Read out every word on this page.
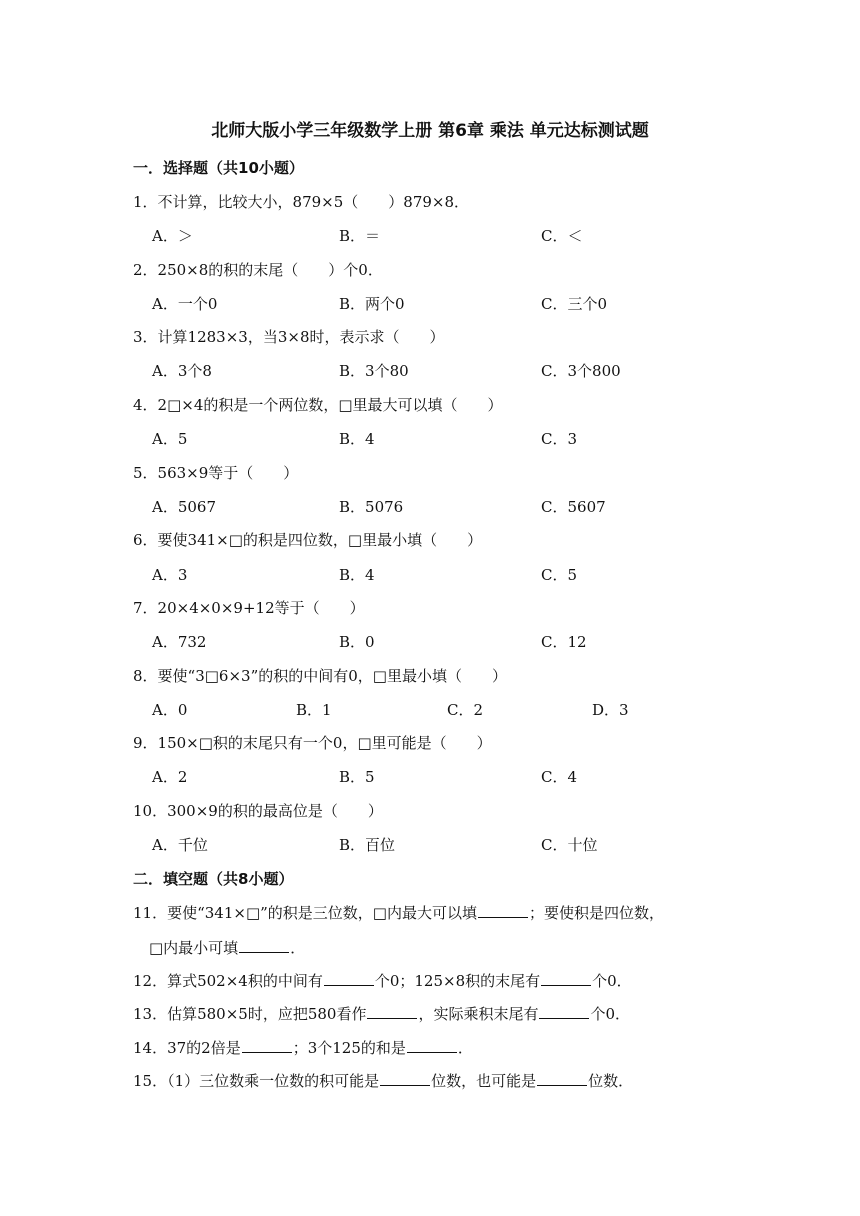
北师大版小学三年级数学上册 第6章 乘法 单元达标测试题
一．选择题（共10小题）
1．不计算，比较大小，879×5（　　）879×8．
A．＞	B．＝	C．＜
2．250×8的积的末尾（　　）个0．
A．一个0	B．两个0	C．三个0
3．计算1283×3，当3×8时，表示求（　　）
A．3个8	B．3个80	C．3个800
4．2□×4的积是一个两位数，□里最大可以填（　　）
A．5	B．4	C．3
5．563×9等于（　　）
A．5067	B．5076	C．5607
6．要使341×□的积是四位数，□里最小填（　　）
A．3	B．4	C．5
7．20×4×0×9+12等于（　　）
A．732	B．0	C．12
8．要使“3□6×3”的积的中间有0，□里最小填（　　）
A．0	B．1	C．2	D．3
9．150×□积的末尾只有一个0，□里可能是（　　）
A．2	B．5	C．4
10．300×9的积的最高位是（　　）
A．千位	B．百位	C．十位
二．填空题（共8小题）
11．要使“341×□”的积是三位数，□内最大可以填	；要使积是四位数，
□内最小可填	．
12．算式502×4积的中间有	个0；125×8积的末尾有	个0．
13．估算580×5时，应把580看作	，实际乘积末尾有	个0．
14．37的2倍是	；3个125的和是	．
15．（1）三位数乘一位数的积可能是	位数，也可能是	位数．
